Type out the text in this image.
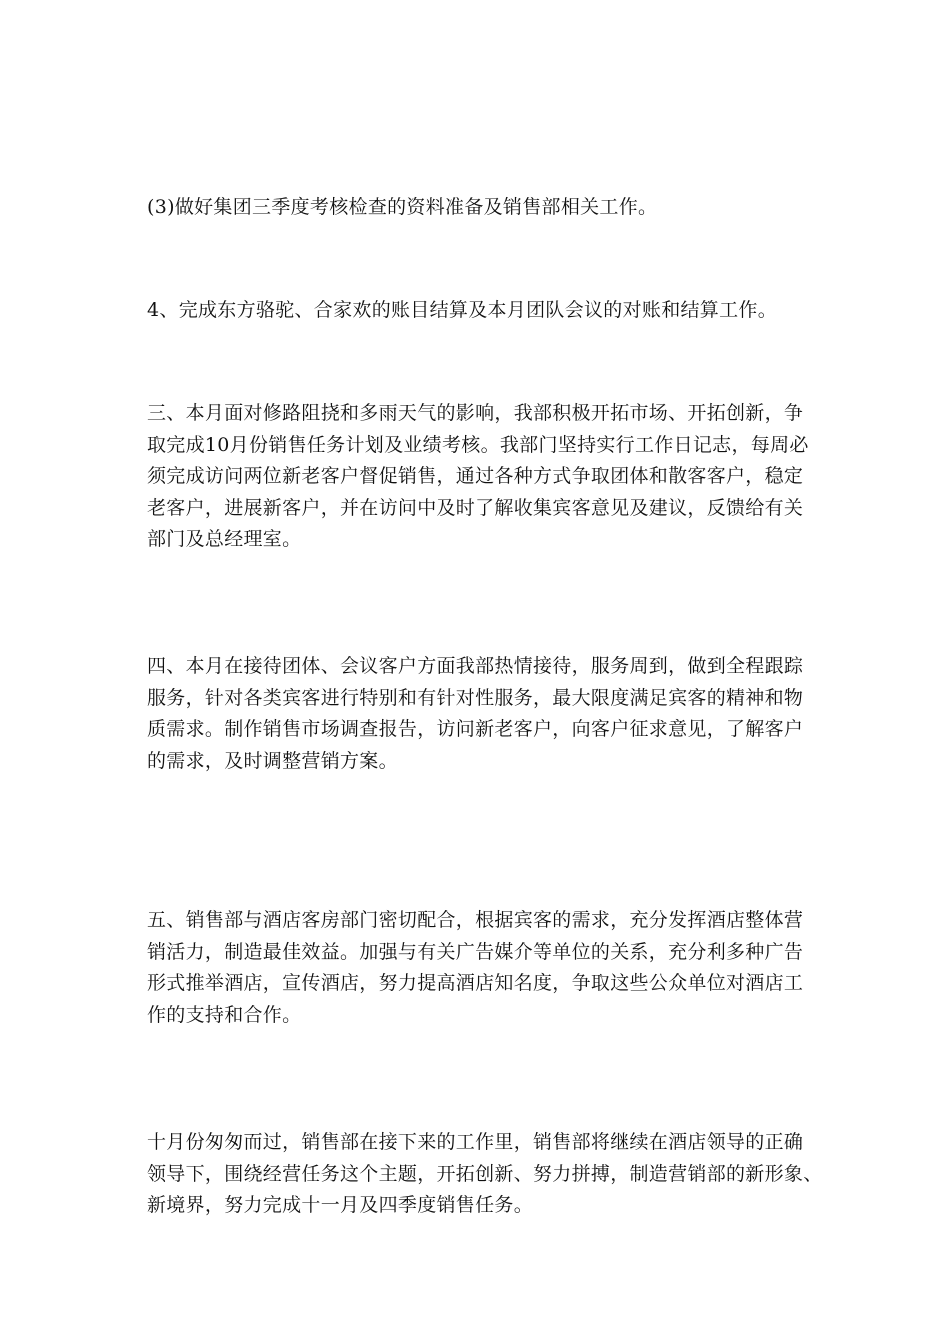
(3)做好集团三季度考核检查的资料准备及销售部相关工作。

4、完成东方骆驼、合家欢的账目结算及本月团队会议的对账和结算工作。

三、本月面对修路阻挠和多雨天气的影响，我部积极开拓市场、开拓创新，争
取完成10月份销售任务计划及业绩考核。我部门坚持实行工作日记志，每周必
须完成访问两位新老客户督促销售，通过各种方式争取团体和散客客户，稳定
老客户，进展新客户，并在访问中及时了解收集宾客意见及建议，反馈给有关
部门及总经理室。

四、本月在接待团体、会议客户方面我部热情接待，服务周到，做到全程跟踪
服务，针对各类宾客进行特别和有针对性服务，最大限度满足宾客的精神和物
质需求。制作销售市场调查报告，访问新老客户，向客户征求意见，了解客户
的需求，及时调整营销方案。

五、销售部与酒店客房部门密切配合，根据宾客的需求，充分发挥酒店整体营
销活力，制造最佳效益。加强与有关广告媒介等单位的关系，充分利多种广告
形式推举酒店，宣传酒店，努力提高酒店知名度，争取这些公众单位对酒店工
作的支持和合作。

十月份匆匆而过，销售部在接下来的工作里，销售部将继续在酒店领导的正确
领导下，围绕经营任务这个主题，开拓创新、努力拼搏，制造营销部的新形象、
新境界，努力完成十一月及四季度销售任务。
